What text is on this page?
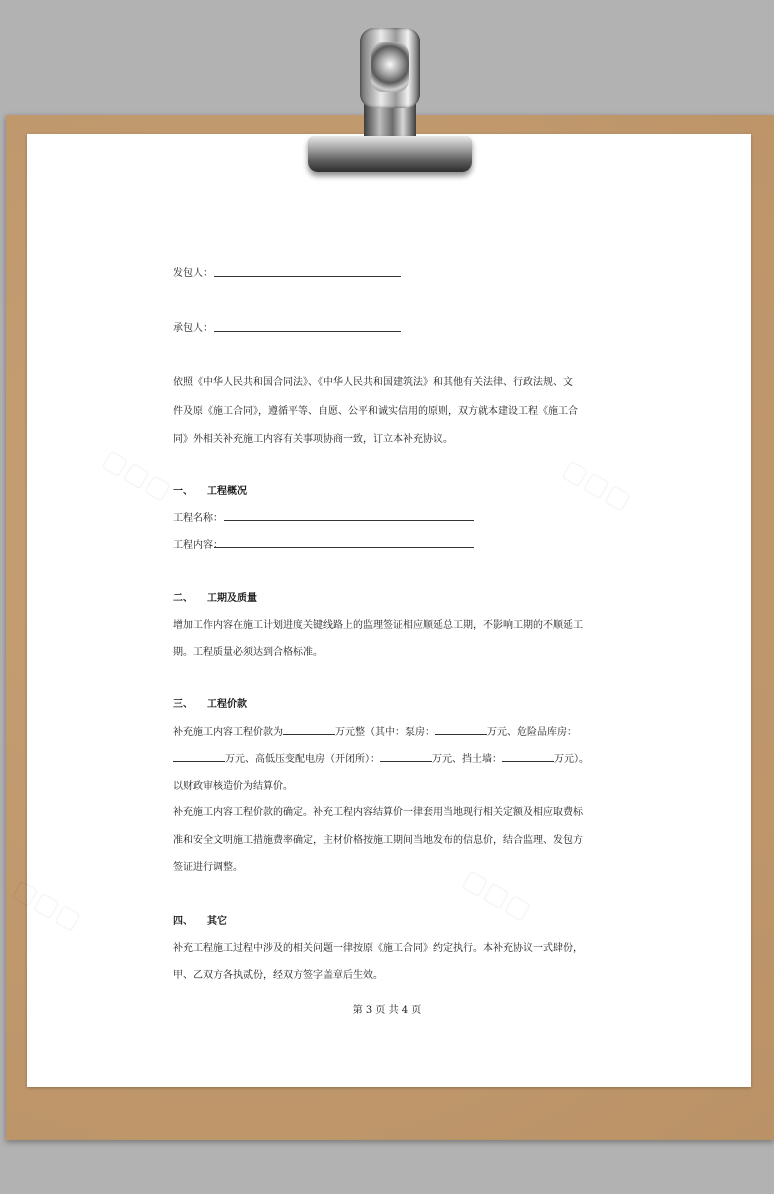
发包人：
承包人：
依照《中华人民共和国合同法》、《中华人民共和国建筑法》和其他有关法律、行政法规、文
件及原《施工合同》，遵循平等、自愿、公平和诚实信用的原则，双方就本建设工程《施工合
同》外相关补充施工内容有关事项协商一致，订立本补充协议。
一、 工程概况
工程名称：
工程内容：
二、 工期及质量
增加工作内容在施工计划进度关键线路上的监理签证相应顺延总工期，不影响工期的不顺延工
期。工程质量必须达到合格标准。
三、 工程价款
补充施工内容工程价款为	万元整（其中：泵房：	万元、危险品库房：
万元、高低压变配电房（开闭所）：	万元、挡土墙：	万元）。
以财政审核造价为结算价。
补充施工内容工程价款的确定。补充工程内容结算价一律套用当地现行相关定额及相应取费标
准和安全文明施工措施费率确定，主材价格按施工期间当地发布的信息价，结合监理、发包方
签证进行调整。
四、 其它
补充工程施工过程中涉及的相关问题一律按原《施工合同》约定执行。本补充协议一式肆份，
甲、乙双方各执贰份，经双方签字盖章后生效。
第 3 页 共 4 页
